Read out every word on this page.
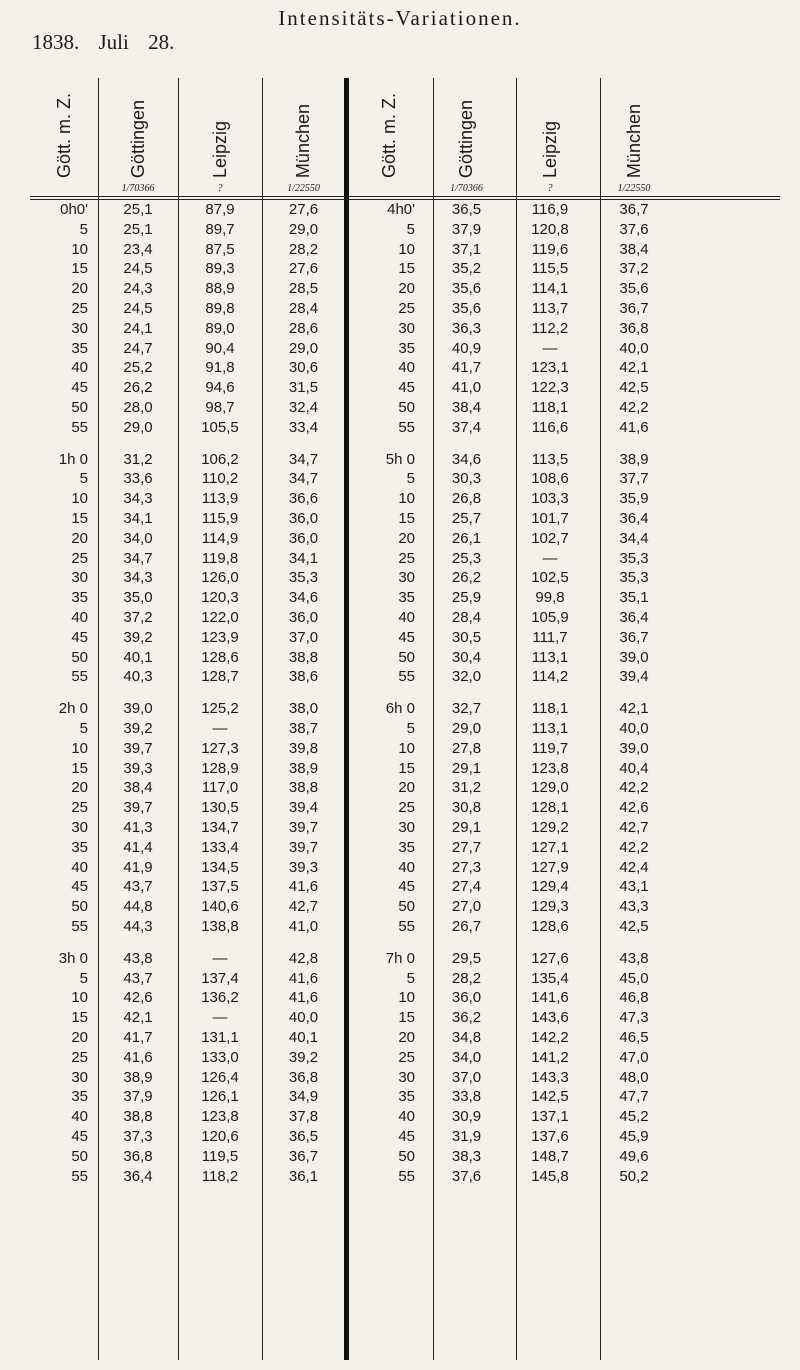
Intensitäts-Variationen.
1838. Juli 28.
Gött. m. Z.	Göttingen
1/70366
Leipzig
?
München
1/22550
Gött. m. Z.	Göttingen
1/70366
Leipzig
?
München
1/22550
0h0'	25,1	87,9	27,6	4h0'	36,5	116,9	36,7
5	25,1	89,7	29,0	5	37,9	120,8	37,6
10	23,4	87,5	28,2	10	37,1	119,6	38,4
15	24,5	89,3	27,6	15	35,2	115,5	37,2
20	24,3	88,9	28,5	20	35,6	114,1	35,6
25	24,5	89,8	28,4	25	35,6	113,7	36,7
30	24,1	89,0	28,6	30	36,3	112,2	36,8
35	24,7	90,4	29,0	35	40,9	—	40,0
40	25,2	91,8	30,6	40	41,7	123,1	42,1
45	26,2	94,6	31,5	45	41,0	122,3	42,5
50	28,0	98,7	32,4	50	38,4	118,1	42,2
55	29,0	105,5	33,4	55	37,4	116,6	41,6
1h 0	31,2	106,2	34,7	5h 0	34,6	113,5	38,9
5	33,6	110,2	34,7	5	30,3	108,6	37,7
10	34,3	113,9	36,6	10	26,8	103,3	35,9
15	34,1	115,9	36,0	15	25,7	101,7	36,4
20	34,0	114,9	36,0	20	26,1	102,7	34,4
25	34,7	119,8	34,1	25	25,3	—	35,3
30	34,3	126,0	35,3	30	26,2	102,5	35,3
35	35,0	120,3	34,6	35	25,9	99,8	35,1
40	37,2	122,0	36,0	40	28,4	105,9	36,4
45	39,2	123,9	37,0	45	30,5	111,7	36,7
50	40,1	128,6	38,8	50	30,4	113,1	39,0
55	40,3	128,7	38,6	55	32,0	114,2	39,4
2h 0	39,0	125,2	38,0	6h 0	32,7	118,1	42,1
5	39,2	—	38,7	5	29,0	113,1	40,0
10	39,7	127,3	39,8	10	27,8	119,7	39,0
15	39,3	128,9	38,9	15	29,1	123,8	40,4
20	38,4	117,0	38,8	20	31,2	129,0	42,2
25	39,7	130,5	39,4	25	30,8	128,1	42,6
30	41,3	134,7	39,7	30	29,1	129,2	42,7
35	41,4	133,4	39,7	35	27,7	127,1	42,2
40	41,9	134,5	39,3	40	27,3	127,9	42,4
45	43,7	137,5	41,6	45	27,4	129,4	43,1
50	44,8	140,6	42,7	50	27,0	129,3	43,3
55	44,3	138,8	41,0	55	26,7	128,6	42,5
3h 0	43,8	—	42,8	7h 0	29,5	127,6	43,8
5	43,7	137,4	41,6	5	28,2	135,4	45,0
10	42,6	136,2	41,6	10	36,0	141,6	46,8
15	42,1	—	40,0	15	36,2	143,6	47,3
20	41,7	131,1	40,1	20	34,8	142,2	46,5
25	41,6	133,0	39,2	25	34,0	141,2	47,0
30	38,9	126,4	36,8	30	37,0	143,3	48,0
35	37,9	126,1	34,9	35	33,8	142,5	47,7
40	38,8	123,8	37,8	40	30,9	137,1	45,2
45	37,3	120,6	36,5	45	31,9	137,6	45,9
50	36,8	119,5	36,7	50	38,3	148,7	49,6
55	36,4	118,2	36,1	55	37,6	145,8	50,2
